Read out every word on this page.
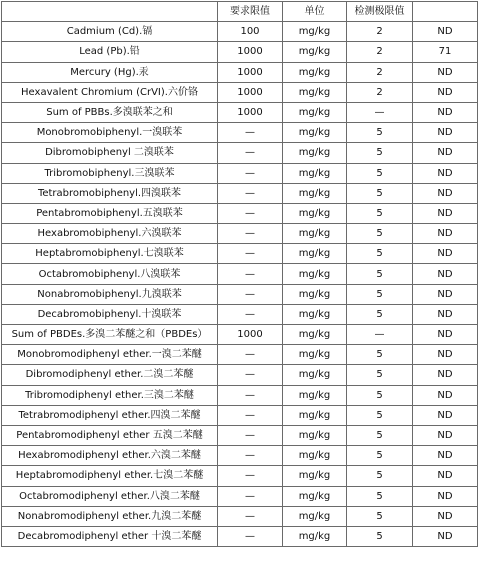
	要求限值	单位	检测极限值	
Cadmium (Cd).镉	100	mg/kg	2	ND
Lead (Pb).铅	1000	mg/kg	2	71
Mercury (Hg).汞	1000	mg/kg	2	ND
Hexavalent Chromium (CrVI).六价铬	1000	mg/kg	2	ND
Sum of PBBs.多溴联苯之和	1000	mg/kg	—	ND
Monobromobiphenyl.一溴联苯	—	mg/kg	5	ND
Dibromobiphenyl 二溴联苯	—	mg/kg	5	ND
Tribromobiphenyl.三溴联苯	—	mg/kg	5	ND
Tetrabromobiphenyl.四溴联苯	—	mg/kg	5	ND
Pentabromobiphenyl.五溴联苯	—	mg/kg	5	ND
Hexabromobiphenyl.六溴联苯	—	mg/kg	5	ND
Heptabromobiphenyl.七溴联苯	—	mg/kg	5	ND
Octabromobiphenyl.八溴联苯	—	mg/kg	5	ND
Nonabromobiphenyl.九溴联苯	—	mg/kg	5	ND
Decabromobiphenyl.十溴联苯	—	mg/kg	5	ND
Sum of PBDEs.多溴二苯醚之和（PBDEs）	1000	mg/kg	—	ND
Monobromodiphenyl ether.一溴二苯醚	—	mg/kg	5	ND
Dibromodiphenyl ether.二溴二苯醚	—	mg/kg	5	ND
Tribromodiphenyl ether.三溴二苯醚	—	mg/kg	5	ND
Tetrabromodiphenyl ether.四溴二苯醚	—	mg/kg	5	ND
Pentabromodiphenyl ether 五溴二苯醚	—	mg/kg	5	ND
Hexabromodiphenyl ether.六溴二苯醚	—	mg/kg	5	ND
Heptabromodiphenyl ether.七溴二苯醚	—	mg/kg	5	ND
Octabromodiphenyl ether.八溴二苯醚	—	mg/kg	5	ND
Nonabromodiphenyl ether.九溴二苯醚	—	mg/kg	5	ND
Decabromodiphenyl ether 十溴二苯醚	—	mg/kg	5	ND
